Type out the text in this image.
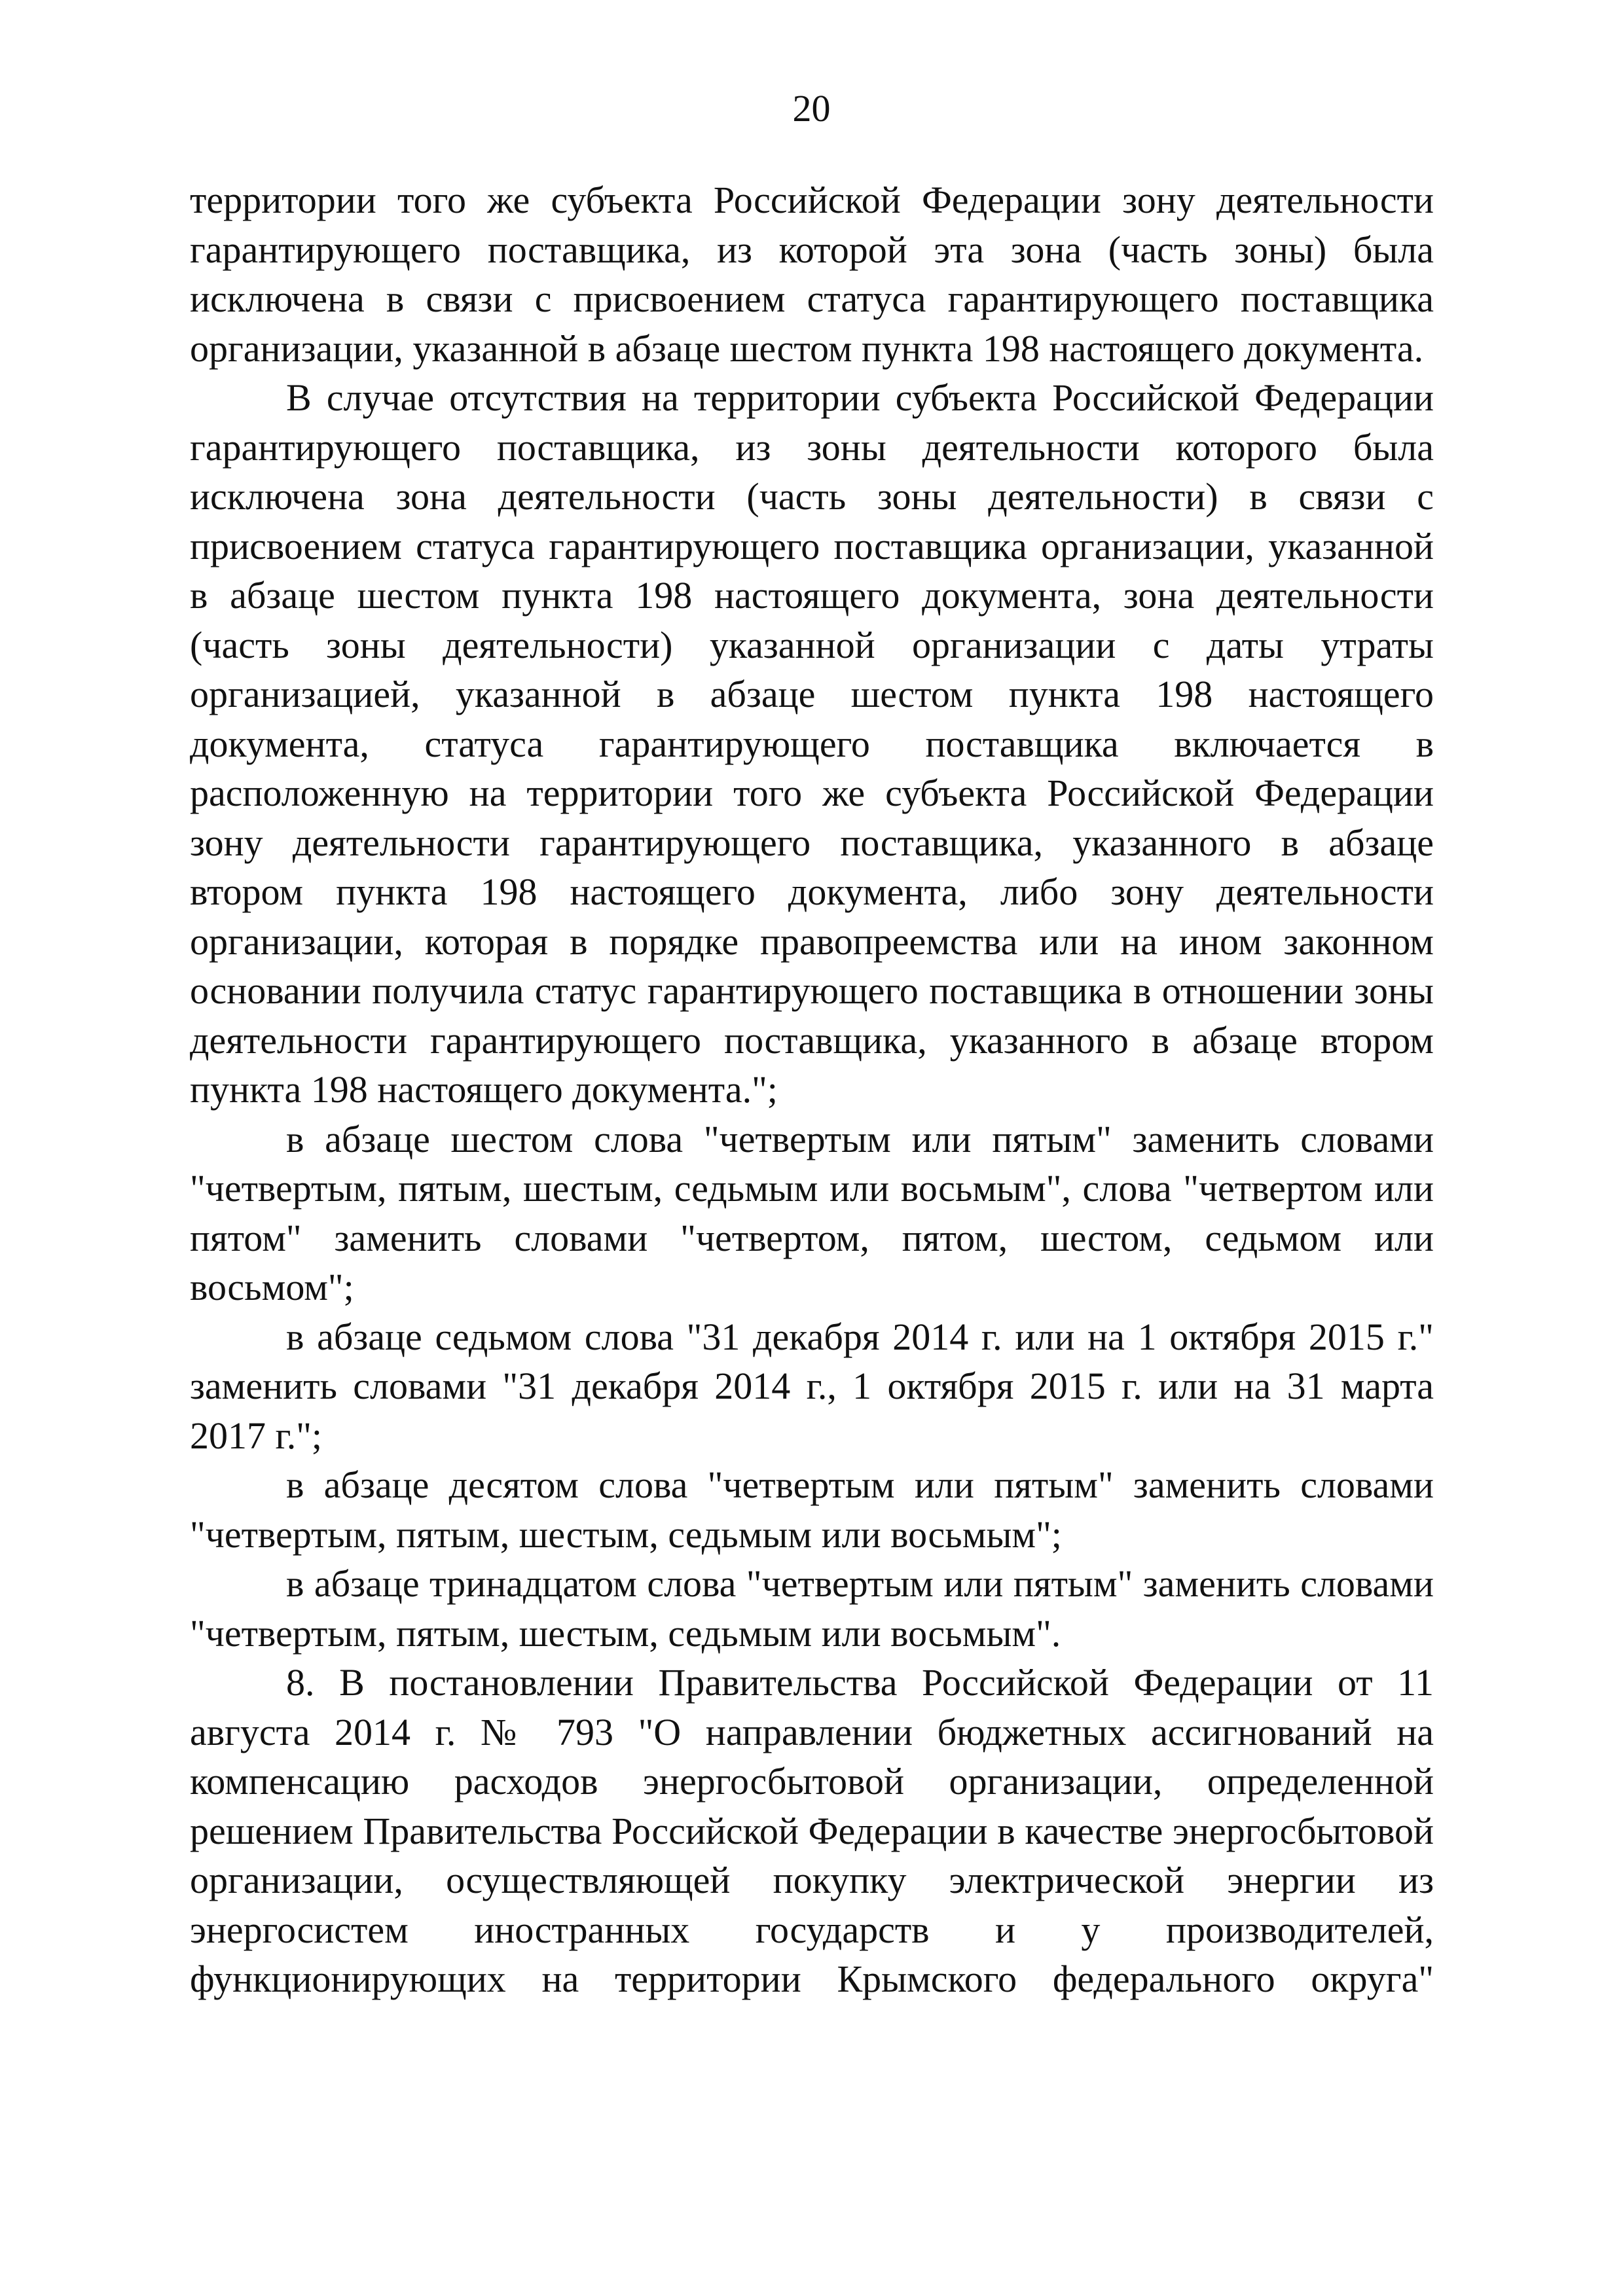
20

территории того же субъекта Российской Федерации зону деятельности гарантирующего поставщика, из которой эта зона (часть зоны) была исключена в связи с присвоением статуса гарантирующего поставщика организации, указанной в абзаце шестом пункта 198 настоящего документа.

В случае отсутствия на территории субъекта Российской Федерации гарантирующего поставщика, из зоны деятельности которого была исключена зона деятельности (часть зоны деятельности) в связи с присвоением статуса гарантирующего поставщика организации, указанной в абзаце шестом пункта 198 настоящего документа, зона деятельности (часть зоны деятельности) указанной организации с даты утраты организацией, указанной в абзаце шестом пункта 198 настоящего документа, статуса гарантирующего поставщика включается в расположенную на территории того же субъекта Российской Федерации зону деятельности гарантирующего поставщика, указанного в абзаце втором пункта 198 настоящего документа, либо зону деятельности организации, которая в порядке правопреемства или на ином законном основании получила статус гарантирующего поставщика в отношении зоны деятельности гарантирующего поставщика, указанного в абзаце втором пункта 198 настоящего документа.";

в абзаце шестом слова "четвертым или пятым" заменить словами "четвертым, пятым, шестым, седьмым или восьмым", слова "четвертом или пятом" заменить словами "четвертом, пятом, шестом, седьмом или восьмом";

в абзаце седьмом слова "31 декабря 2014 г. или на 1 октября 2015 г." заменить словами "31 декабря 2014 г., 1 октября 2015 г. или на 31 марта 2017 г.";

в абзаце десятом слова "четвертым или пятым" заменить словами "четвертым, пятым, шестым, седьмым или восьмым";

в абзаце тринадцатом слова "четвертым или пятым" заменить словами "четвертым, пятым, шестым, седьмым или восьмым".

8. В постановлении Правительства Российской Федерации от 11 августа 2014 г. № 793 "О направлении бюджетных ассигнований на компенсацию расходов энергосбытовой организации, определенной решением Правительства Российской Федерации в качестве энергосбытовой организации, осуществляющей покупку электрической энергии из энергосистем иностранных государств и у производителей, функционирующих на территории Крымского федерального округа"
